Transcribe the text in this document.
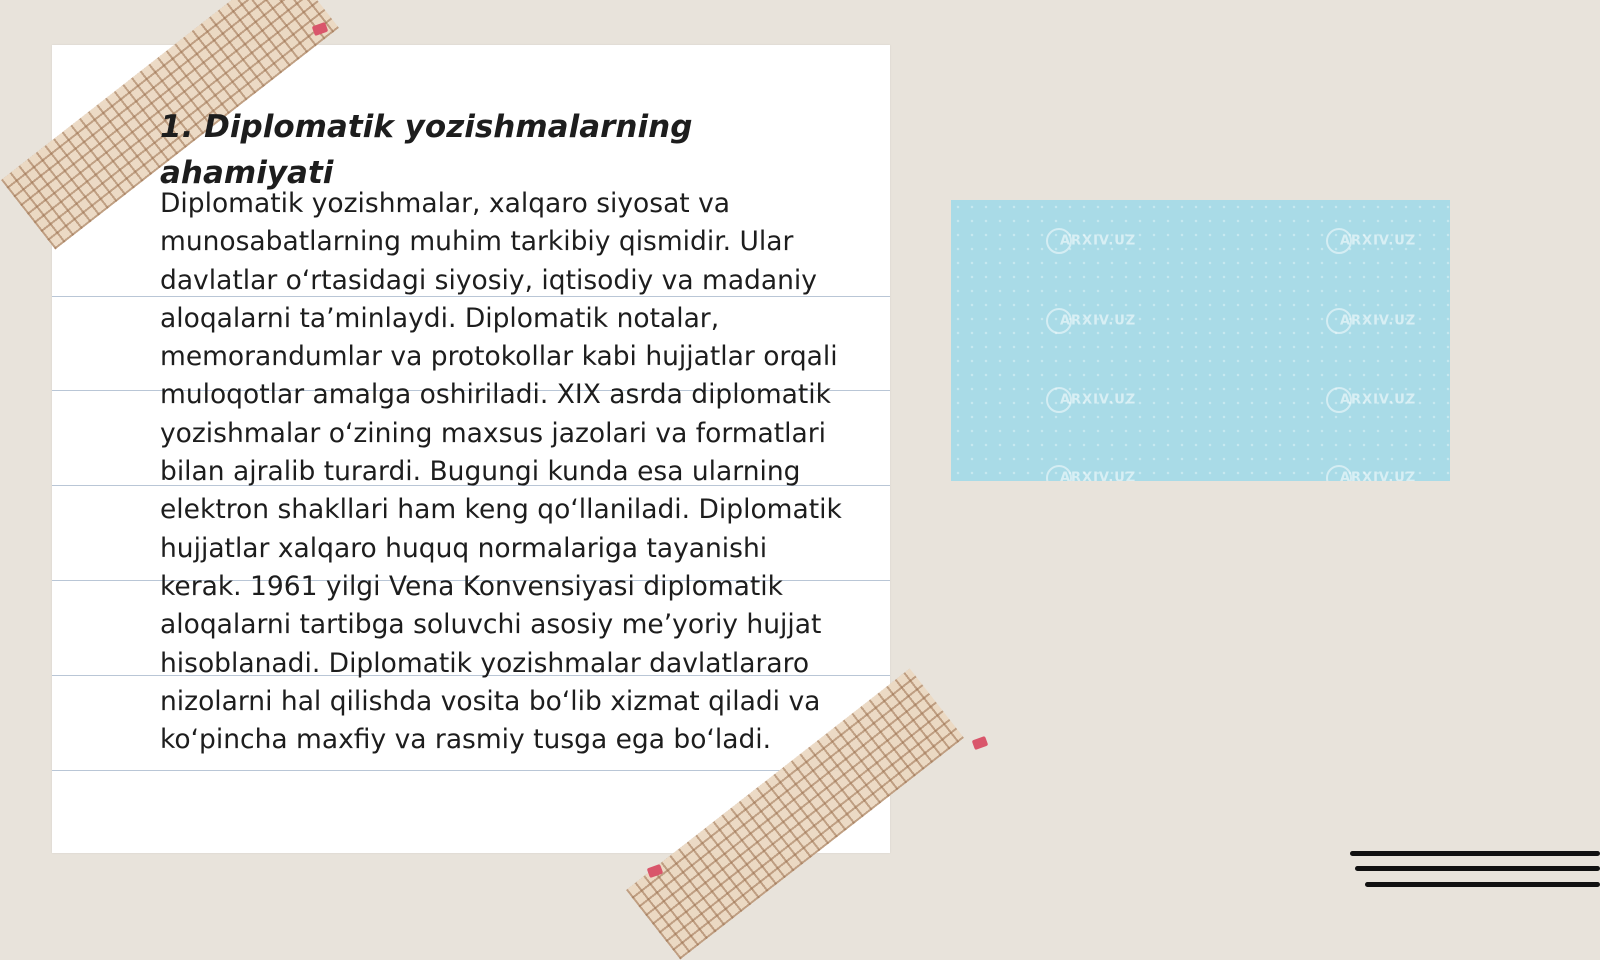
1. Diplomatik yozishmalarning ahamiyati

Diplomatik yozishmalar, xalqaro siyosat va munosabatlarning muhim tarkibiy qismidir. Ular davlatlar o‘rtasidagi siyosiy, iqtisodiy va madaniy aloqalarni ta’minlaydi. Diplomatik notalar, memorandumlar va protokollar kabi hujjatlar orqali muloqotlar amalga oshiriladi. XIX asrda diplomatik yozishmalar o‘zining maxsus jazolari va formatlari bilan ajralib turardi. Bugungi kunda esa ularning elektron shakllari ham keng qo‘llaniladi. Diplomatik hujjatlar xalqaro huquq normalariga tayanishi kerak. 1961 yilgi Vena Konvensiyasi diplomatik aloqalarni tartibga soluvchi asosiy me’yoriy hujjat hisoblanadi. Diplomatik yozishmalar davlatlararo nizolarni hal qilishda vosita bo‘lib xizmat qiladi va ko‘pincha maxfiy va rasmiy tusga ega bo‘ladi.

ARXIV.UZ	ARXIV.UZ
ARXIV.UZ	ARXIV.UZ
ARXIV.UZ	ARXIV.UZ
ARXIV.UZ	ARXIV.UZ
